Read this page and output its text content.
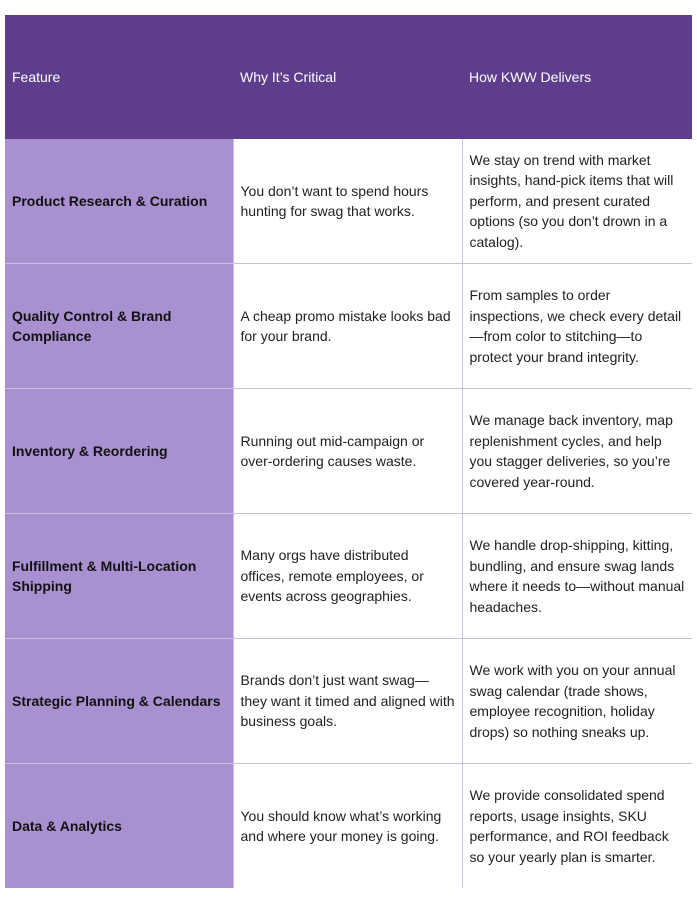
Feature	Why It’s Critical	How KWW Delivers
Product Research & Curation	You don’t want to spend hours hunting for swag that works.	We stay on trend with market insights, hand-pick items that will perform, and present curated options (so you don’t drown in a catalog).
Quality Control & Brand Compliance	A cheap promo mistake looks bad for your brand.	From samples to order inspections, we check every detail—from color to stitching—to protect your brand integrity.
Inventory & Reordering	Running out mid-campaign or over-ordering causes waste.	We manage back inventory, map replenishment cycles, and help you stagger deliveries, so you’re covered year-round.
Fulfillment & Multi-Location Shipping	Many orgs have distributed offices, remote employees, or events across geographies.	We handle drop-shipping, kitting, bundling, and ensure swag lands where it needs to—without manual headaches.
Strategic Planning & Calendars	Brands don’t just want swag—they want it timed and aligned with business goals.	We work with you on your annual swag calendar (trade shows, employee recognition, holiday drops) so nothing sneaks up.
Data & Analytics	You should know what’s working and where your money is going.	We provide consolidated spend reports, usage insights, SKU performance, and ROI feedback so your yearly plan is smarter.
